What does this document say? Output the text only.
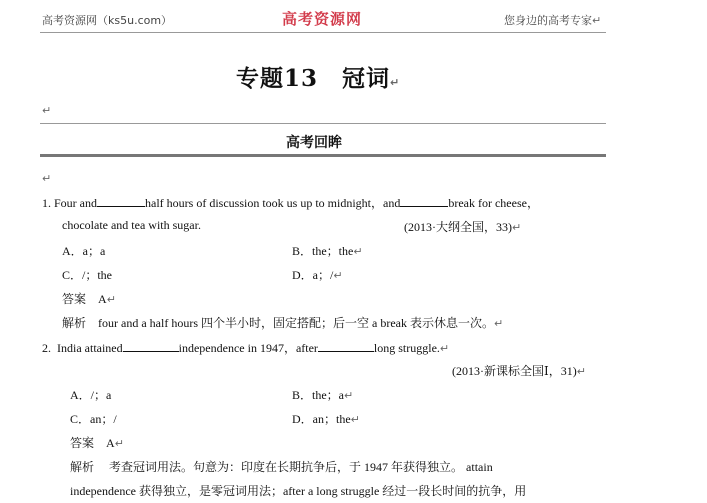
高考资源网（ks5u.com）	高考资源网	您身边的高考专家↵
专题13　冠词↵
↵
高考回眸
↵
1. Four and	half hours of discussion took us up to midnight，and	break for cheese，
chocolate and tea with sugar.	(2013·大纲全国，33)↵
A．a；a	B．the；the↵
C．/；the	D．a；/↵
答案　 A↵
解析　 four and a half hours 四个半小时，固定搭配；后一空 a break 表示休息一次。↵
2. India attained	independence in 1947，after	long struggle.↵
(2013·新课标全国Ⅰ，31)↵
A．/；a	B．the；a↵
C．an；/	D．an；the↵
答案　 A↵
解析　 考查冠词用法。句意为：印度在长期抗争后，于 1947 年获得独立。 attain
independence 获得独立，是零冠词用法；after a long struggle 经过一段长时间的抗争，用
